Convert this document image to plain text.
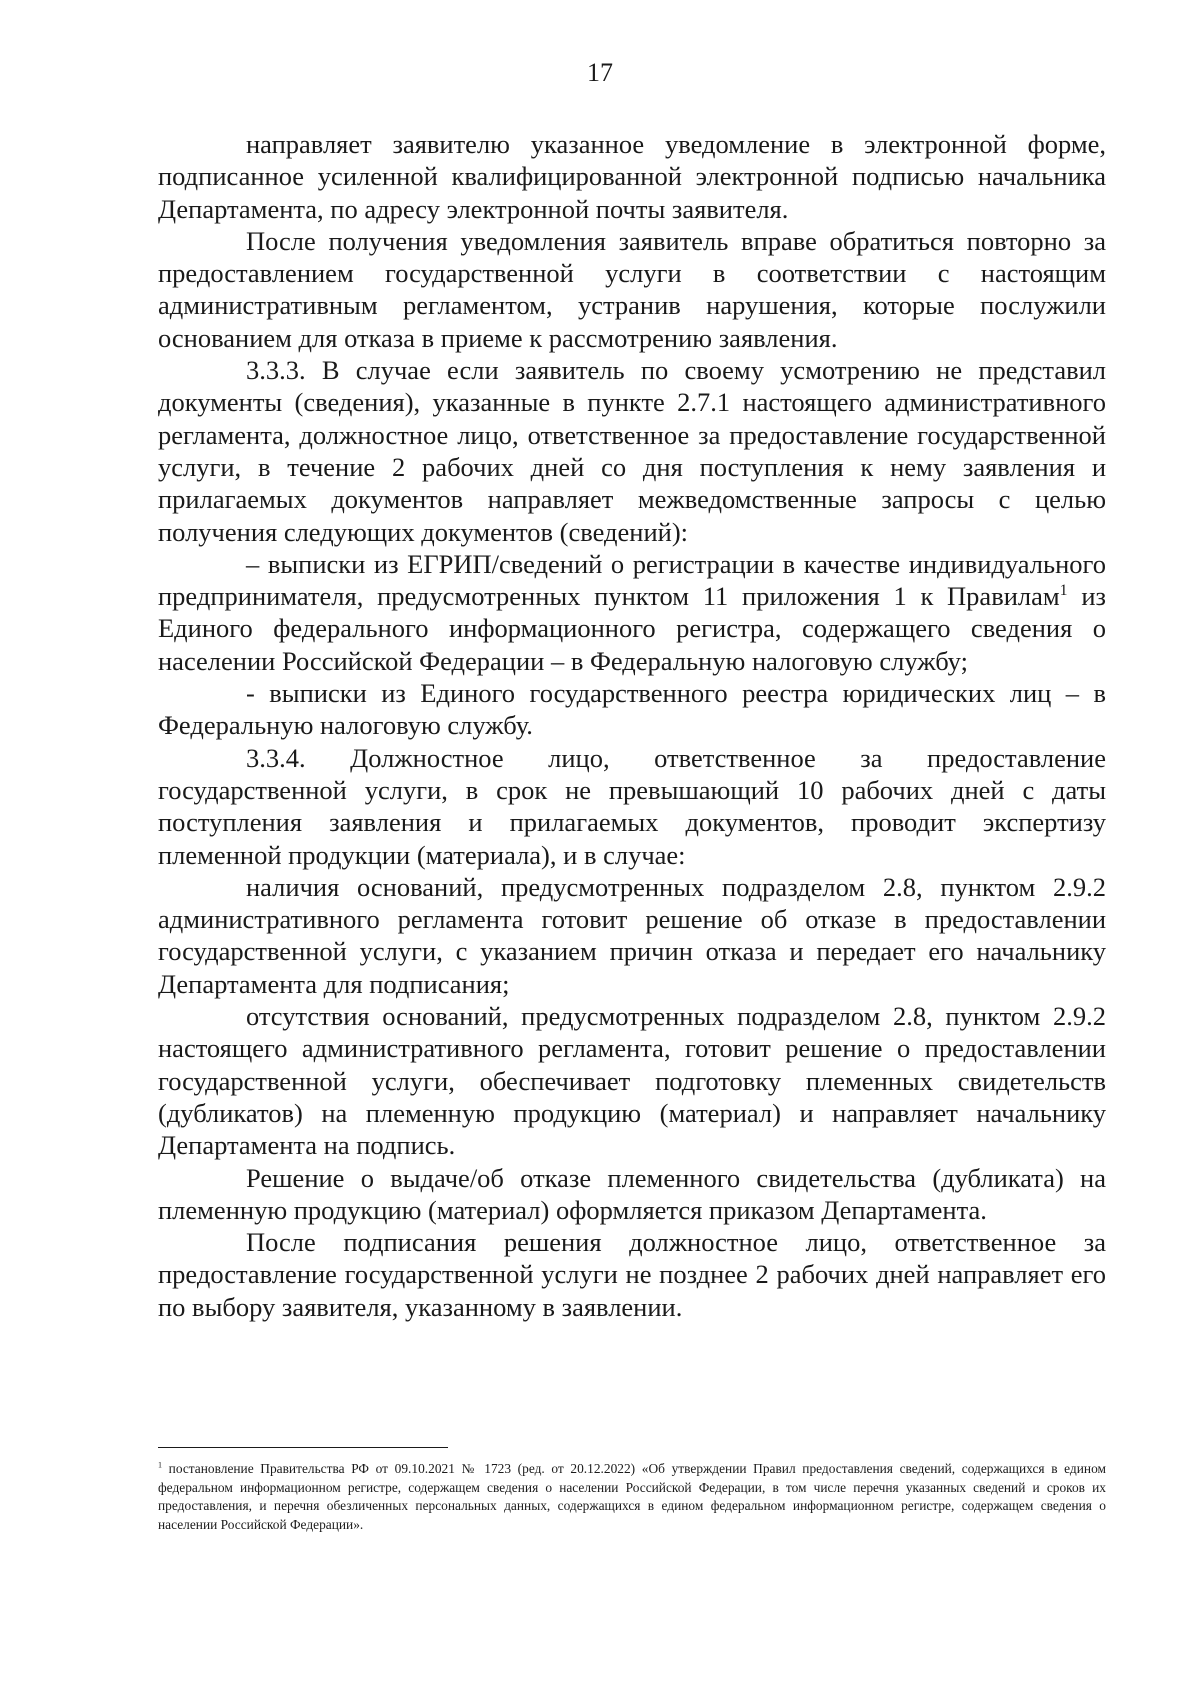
17

направляет заявителю указанное уведомление в электронной форме, подписанное усиленной квалифицированной электронной подписью начальника Департамента, по адресу электронной почты заявителя.

После получения уведомления заявитель вправе обратиться повторно за предоставлением государственной услуги в соответствии с настоящим административным регламентом, устранив нарушения, которые послужили основанием для отказа в приеме к рассмотрению заявления.

3.3.3. В случае если заявитель по своему усмотрению не представил документы (сведения), указанные в пункте 2.7.1 настоящего административного регламента, должностное лицо, ответственное за предоставление государственной услуги, в течение 2 рабочих дней со дня поступления к нему заявления и прилагаемых документов направляет межведомственные запросы с целью получения следующих документов (сведений):

– выписки из ЕГРИП/сведений о регистрации в качестве индивидуального предпринимателя, предусмотренных пунктом 11 приложения 1 к Правилам$^1$ из Единого федерального информационного регистра, содержащего сведения о населении Российской Федерации – в Федеральную налоговую службу;

- выписки из Единого государственного реестра юридических лиц – в Федеральную налоговую службу.

3.3.4. Должностное лицо, ответственное за предоставление государственной услуги, в срок не превышающий 10 рабочих дней с даты поступления заявления и прилагаемых документов, проводит экспертизу племенной продукции (материала), и в случае:

наличия оснований, предусмотренных подразделом 2.8, пунктом 2.9.2 административного регламента готовит решение об отказе в предоставлении государственной услуги, с указанием причин отказа и передает его начальнику Департамента для подписания;

отсутствия оснований, предусмотренных подразделом 2.8, пунктом 2.9.2 настоящего административного регламента, готовит решение о предоставлении государственной услуги, обеспечивает подготовку племенных свидетельств (дубликатов) на племенную продукцию (материал) и направляет начальнику Департамента на подпись.

Решение о выдаче/об отказе племенного свидетельства (дубликата) на племенную продукцию (материал) оформляется приказом Департамента.

После подписания решения должностное лицо, ответственное за предоставление государственной услуги не позднее 2 рабочих дней направляет его по выбору заявителя, указанному в заявлении.

$^1$ постановление Правительства РФ от 09.10.2021 № 1723 (ред. от 20.12.2022) «Об утверждении Правил предоставления сведений, содержащихся в едином федеральном информационном регистре, содержащем сведения о населении Российской Федерации, в том числе перечня указанных сведений и сроков их предоставления, и перечня обезличенных персональных данных, содержащихся в едином федеральном информационном регистре, содержащем сведения о населении Российской Федерации».
